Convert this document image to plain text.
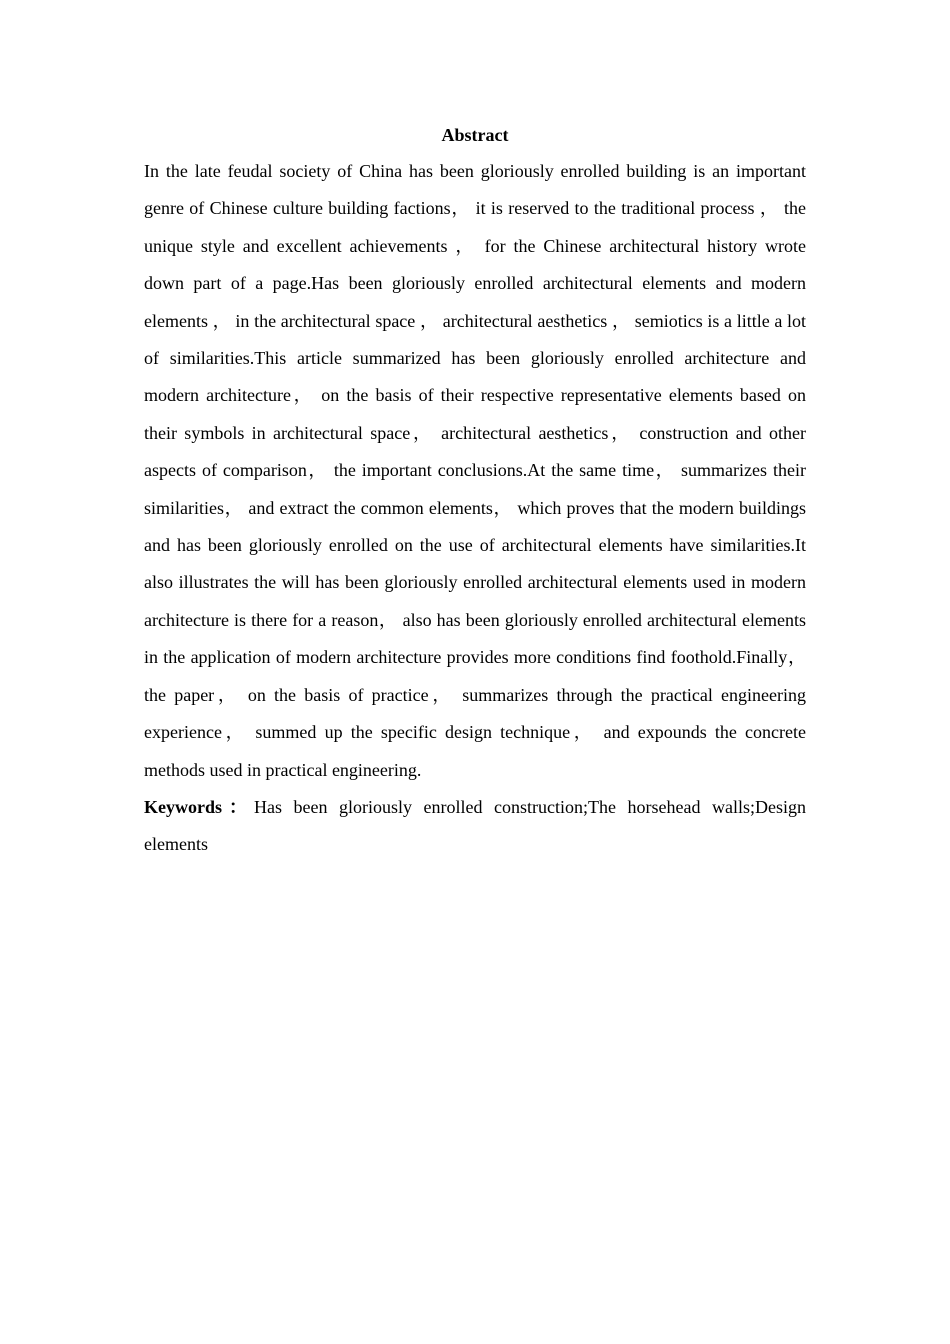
Abstract

In the late feudal society of China has been gloriously enrolled building is an important genre of Chinese culture building factions， it is reserved to the traditional process ， the unique style and excellent achievements ， for the Chinese architectural history wrote down part of a page.Has been gloriously enrolled architectural elements and modern elements ， in the architectural space ， architectural aesthetics ， semiotics is a little a lot of similarities.This article summarized has been gloriously enrolled architecture and modern architecture， on the basis of their respective representative elements based on their symbols in architectural space， architectural aesthetics， construction and other aspects of comparison， the important conclusions.At the same time， summarizes their similarities， and extract the common elements， which proves that the modern buildings and has been gloriously enrolled on the use of architectural elements have similarities.It also illustrates the will has been gloriously enrolled architectural elements used in modern architecture is there for a reason， also has been gloriously enrolled architectural elements in the application of modern architecture provides more conditions find foothold.Finally， the paper， on the basis of practice， summarizes through the practical engineering experience， summed up the specific design technique， and expounds the concrete methods used in practical engineering.

Keywords：Has been gloriously enrolled construction;The horsehead walls;Design elements
